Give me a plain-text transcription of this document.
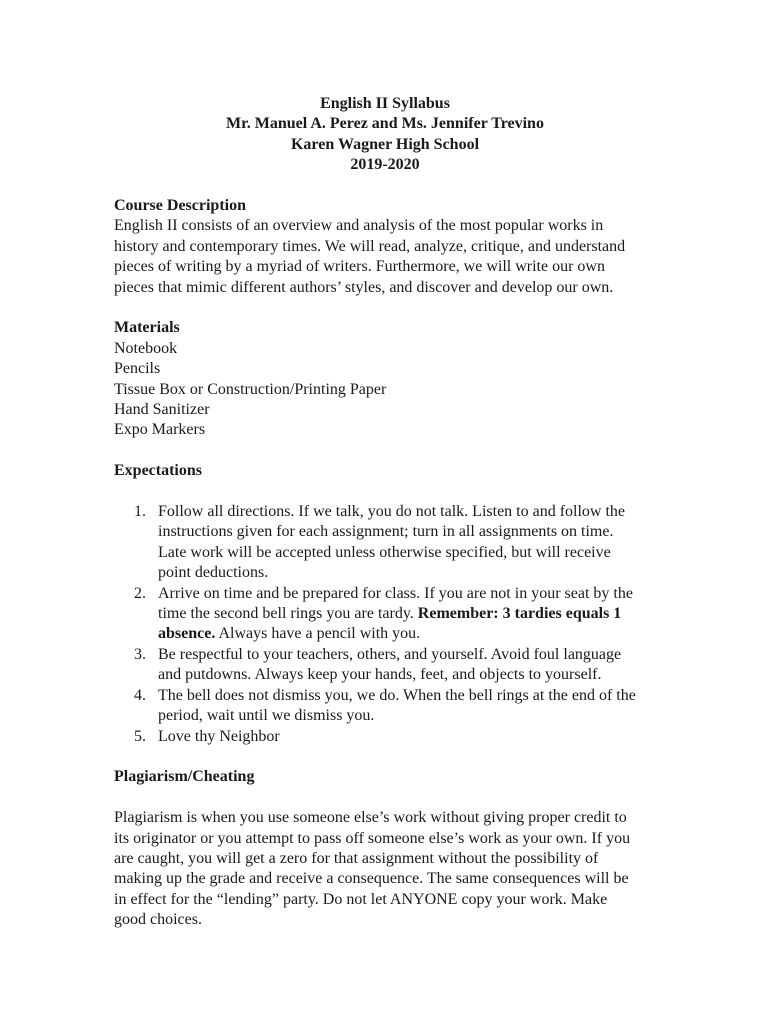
English II Syllabus
Mr. Manuel A. Perez and Ms. Jennifer Trevino
Karen Wagner High School
2019-2020

Course Description

English II consists of an overview and analysis of the most popular works in

history and contemporary times. We will read, analyze, critique, and understand

pieces of writing by a myriad of writers. Furthermore, we will write our own

pieces that mimic different authors’ styles, and discover and develop our own.

Materials

Notebook

Pencils

Tissue Box or Construction/Printing Paper

Hand Sanitizer

Expo Markers

Expectations

1. Follow all directions. If we talk, you do not talk. Listen to and follow the

instructions given for each assignment; turn in all assignments on time.

Late work will be accepted unless otherwise specified, but will receive

point deductions.

2. Arrive on time and be prepared for class. If you are not in your seat by the

time the second bell rings you are tardy. Remember: 3 tardies equals 1

absence. Always have a pencil with you.

3. Be respectful to your teachers, others, and yourself. Avoid foul language

and putdowns. Always keep your hands, feet, and objects to yourself.

4. The bell does not dismiss you, we do. When the bell rings at the end of the

period, wait until we dismiss you.

5. Love thy Neighbor

Plagiarism/Cheating

Plagiarism is when you use someone else’s work without giving proper credit to

its originator or you attempt to pass off someone else’s work as your own. If you

are caught, you will get a zero for that assignment without the possibility of

making up the grade and receive a consequence. The same consequences will be

in effect for the “lending” party. Do not let ANYONE copy your work. Make

good choices.
